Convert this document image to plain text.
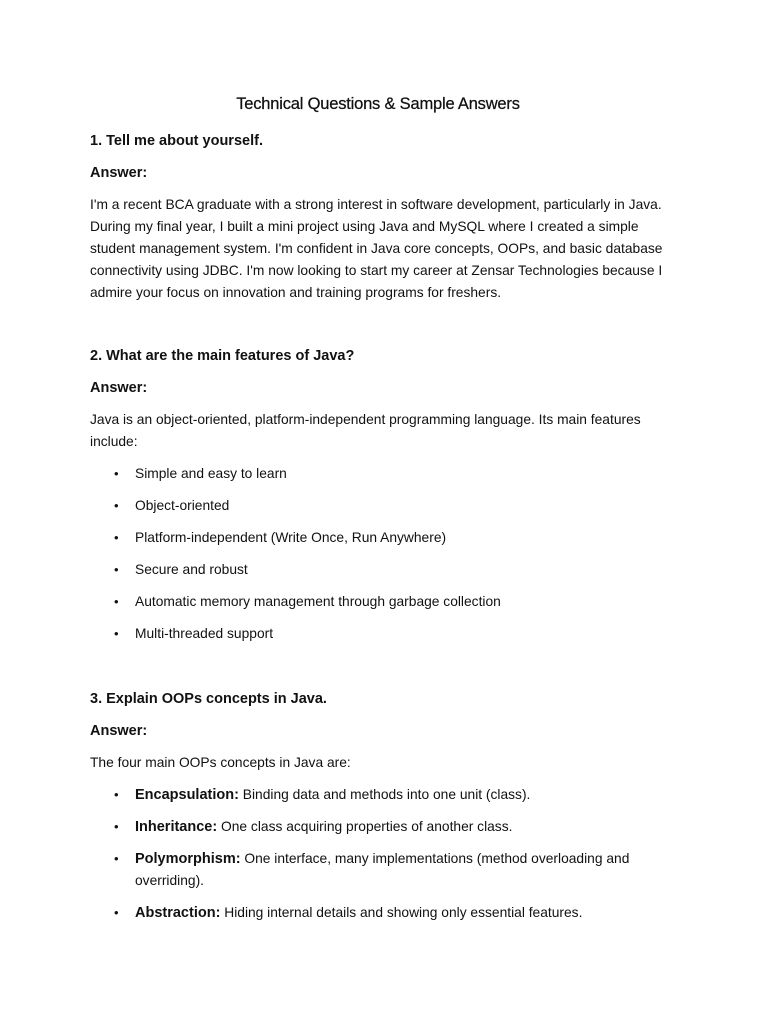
Technical Questions & Sample Answers

1. Tell me about yourself.

Answer:

I'm a recent BCA graduate with a strong interest in software development, particularly in Java. During my final year, I built a mini project using Java and MySQL where I created a simple student management system. I'm confident in Java core concepts, OOPs, and basic database connectivity using JDBC. I'm now looking to start my career at Zensar Technologies because I admire your focus on innovation and training programs for freshers.

2. What are the main features of Java?

Answer:

Java is an object-oriented, platform-independent programming language. Its main features include:

• Simple and easy to learn
• Object-oriented
• Platform-independent (Write Once, Run Anywhere)
• Secure and robust
• Automatic memory management through garbage collection
• Multi-threaded support

3. Explain OOPs concepts in Java.

Answer:

The four main OOPs concepts in Java are:

• Encapsulation: Binding data and methods into one unit (class).
• Inheritance: One class acquiring properties of another class.
• Polymorphism: One interface, many implementations (method overloading and overriding).
• Abstraction: Hiding internal details and showing only essential features.
